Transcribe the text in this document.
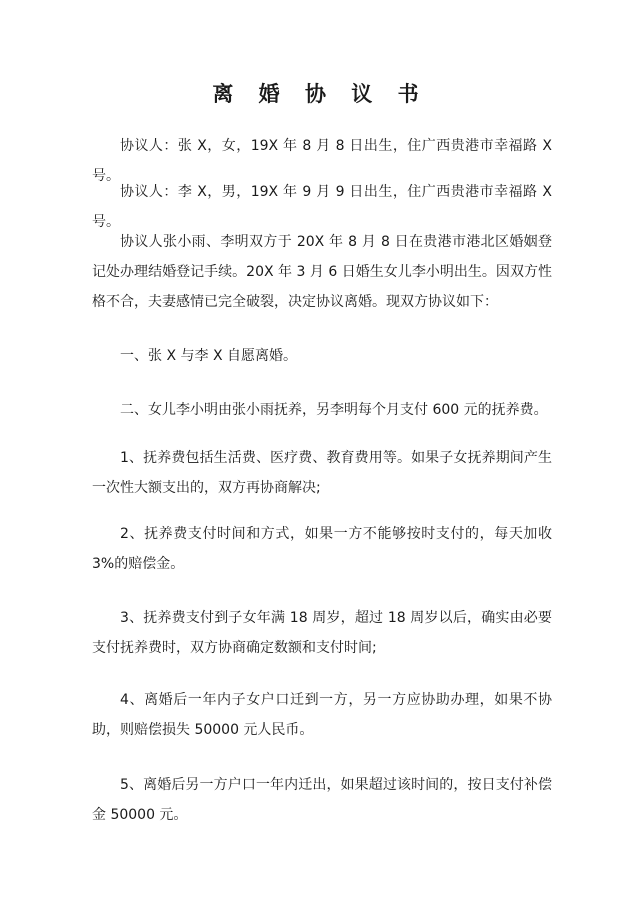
离 婚 协 议 书
协议人：张 X，女，19X 年 8 月 8 日出生，住广西贵港市幸福路 X 号。
协议人：李 X，男，19X 年 9 月 9 日出生，住广西贵港市幸福路 X 号。
协议人张小雨、李明双方于 20X 年 8 月 8 日在贵港市港北区婚姻登记处办理结婚登记手续。20X 年 3 月 6 日婚生女儿李小明出生。因双方性格不合，夫妻感情已完全破裂，决定协议离婚。现双方协议如下：
一、张 X 与李 X 自愿离婚。
二、女儿李小明由张小雨抚养，另李明每个月支付 600 元的抚养费。
1、抚养费包括生活费、医疗费、教育费用等。如果子女抚养期间产生一次性大额支出的，双方再协商解决;
2、抚养费支付时间和方式，如果一方不能够按时支付的，每天加收 3%的赔偿金。
3、抚养费支付到子女年满 18 周岁，超过 18 周岁以后，确实由必要支付抚养费时，双方协商确定数额和支付时间;
4、离婚后一年内子女户口迁到一方，另一方应协助办理，如果不协助，则赔偿损失 50000 元人民币。
5、离婚后另一方户口一年内迁出，如果超过该时间的，按日支付补偿金 50000 元。
